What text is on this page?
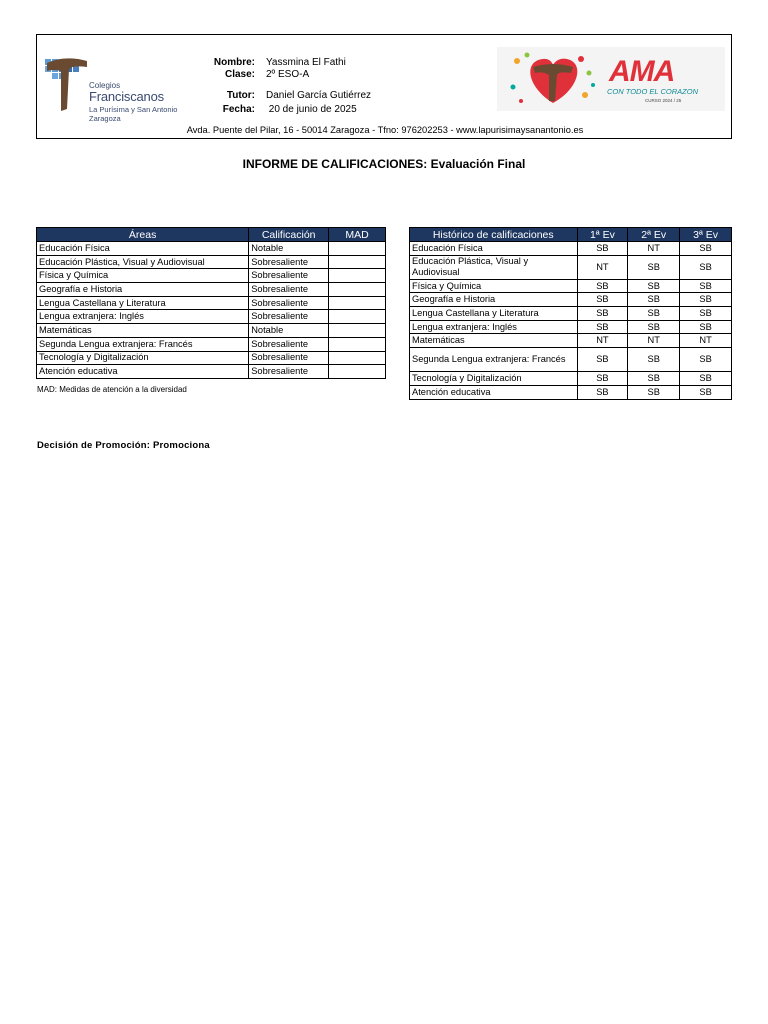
Colegios
Franciscanos
La Purísima y San Antonio
Zaragoza
Nombre: Yassmina El Fathi
Clase: 2º ESO-A
Tutor: Daniel García Gutiérrez
Fecha: 20 de junio de 2025
AMA
CON TODO EL CORAZON
CURSO 2024 / 25
Avda. Puente del Pilar, 16 - 50014 Zaragoza - Tfno: 976202253 - www.lapurisimaysanantonio.es
INFORME DE CALIFICACIONES: Evaluación Final
Áreas	Calificación	MAD
Educación Física	Notable	
Educación Plástica, Visual y Audiovisual	Sobresaliente	
Física y Química	Sobresaliente	
Geografía e Historia	Sobresaliente	
Lengua Castellana y Literatura	Sobresaliente	
Lengua extranjera: Inglés	Sobresaliente	
Matemáticas	Notable	
Segunda Lengua extranjera: Francés	Sobresaliente	
Tecnología y Digitalización	Sobresaliente	
Atención educativa	Sobresaliente	
Histórico de calificaciones	1ª Ev	2ª Ev	3ª Ev
Educación Física	SB	NT	SB
Educación Plástica, Visual y Audiovisual	NT	SB	SB
Física y Química	SB	SB	SB
Geografía e Historia	SB	SB	SB
Lengua Castellana y Literatura	SB	SB	SB
Lengua extranjera: Inglés	SB	SB	SB
Matemáticas	NT	NT	NT
Segunda Lengua extranjera: Francés	SB	SB	SB
Tecnología y Digitalización	SB	SB	SB
Atención educativa	SB	SB	SB
MAD: Medidas de atención a la diversidad
Decisión de Promoción: Promociona
